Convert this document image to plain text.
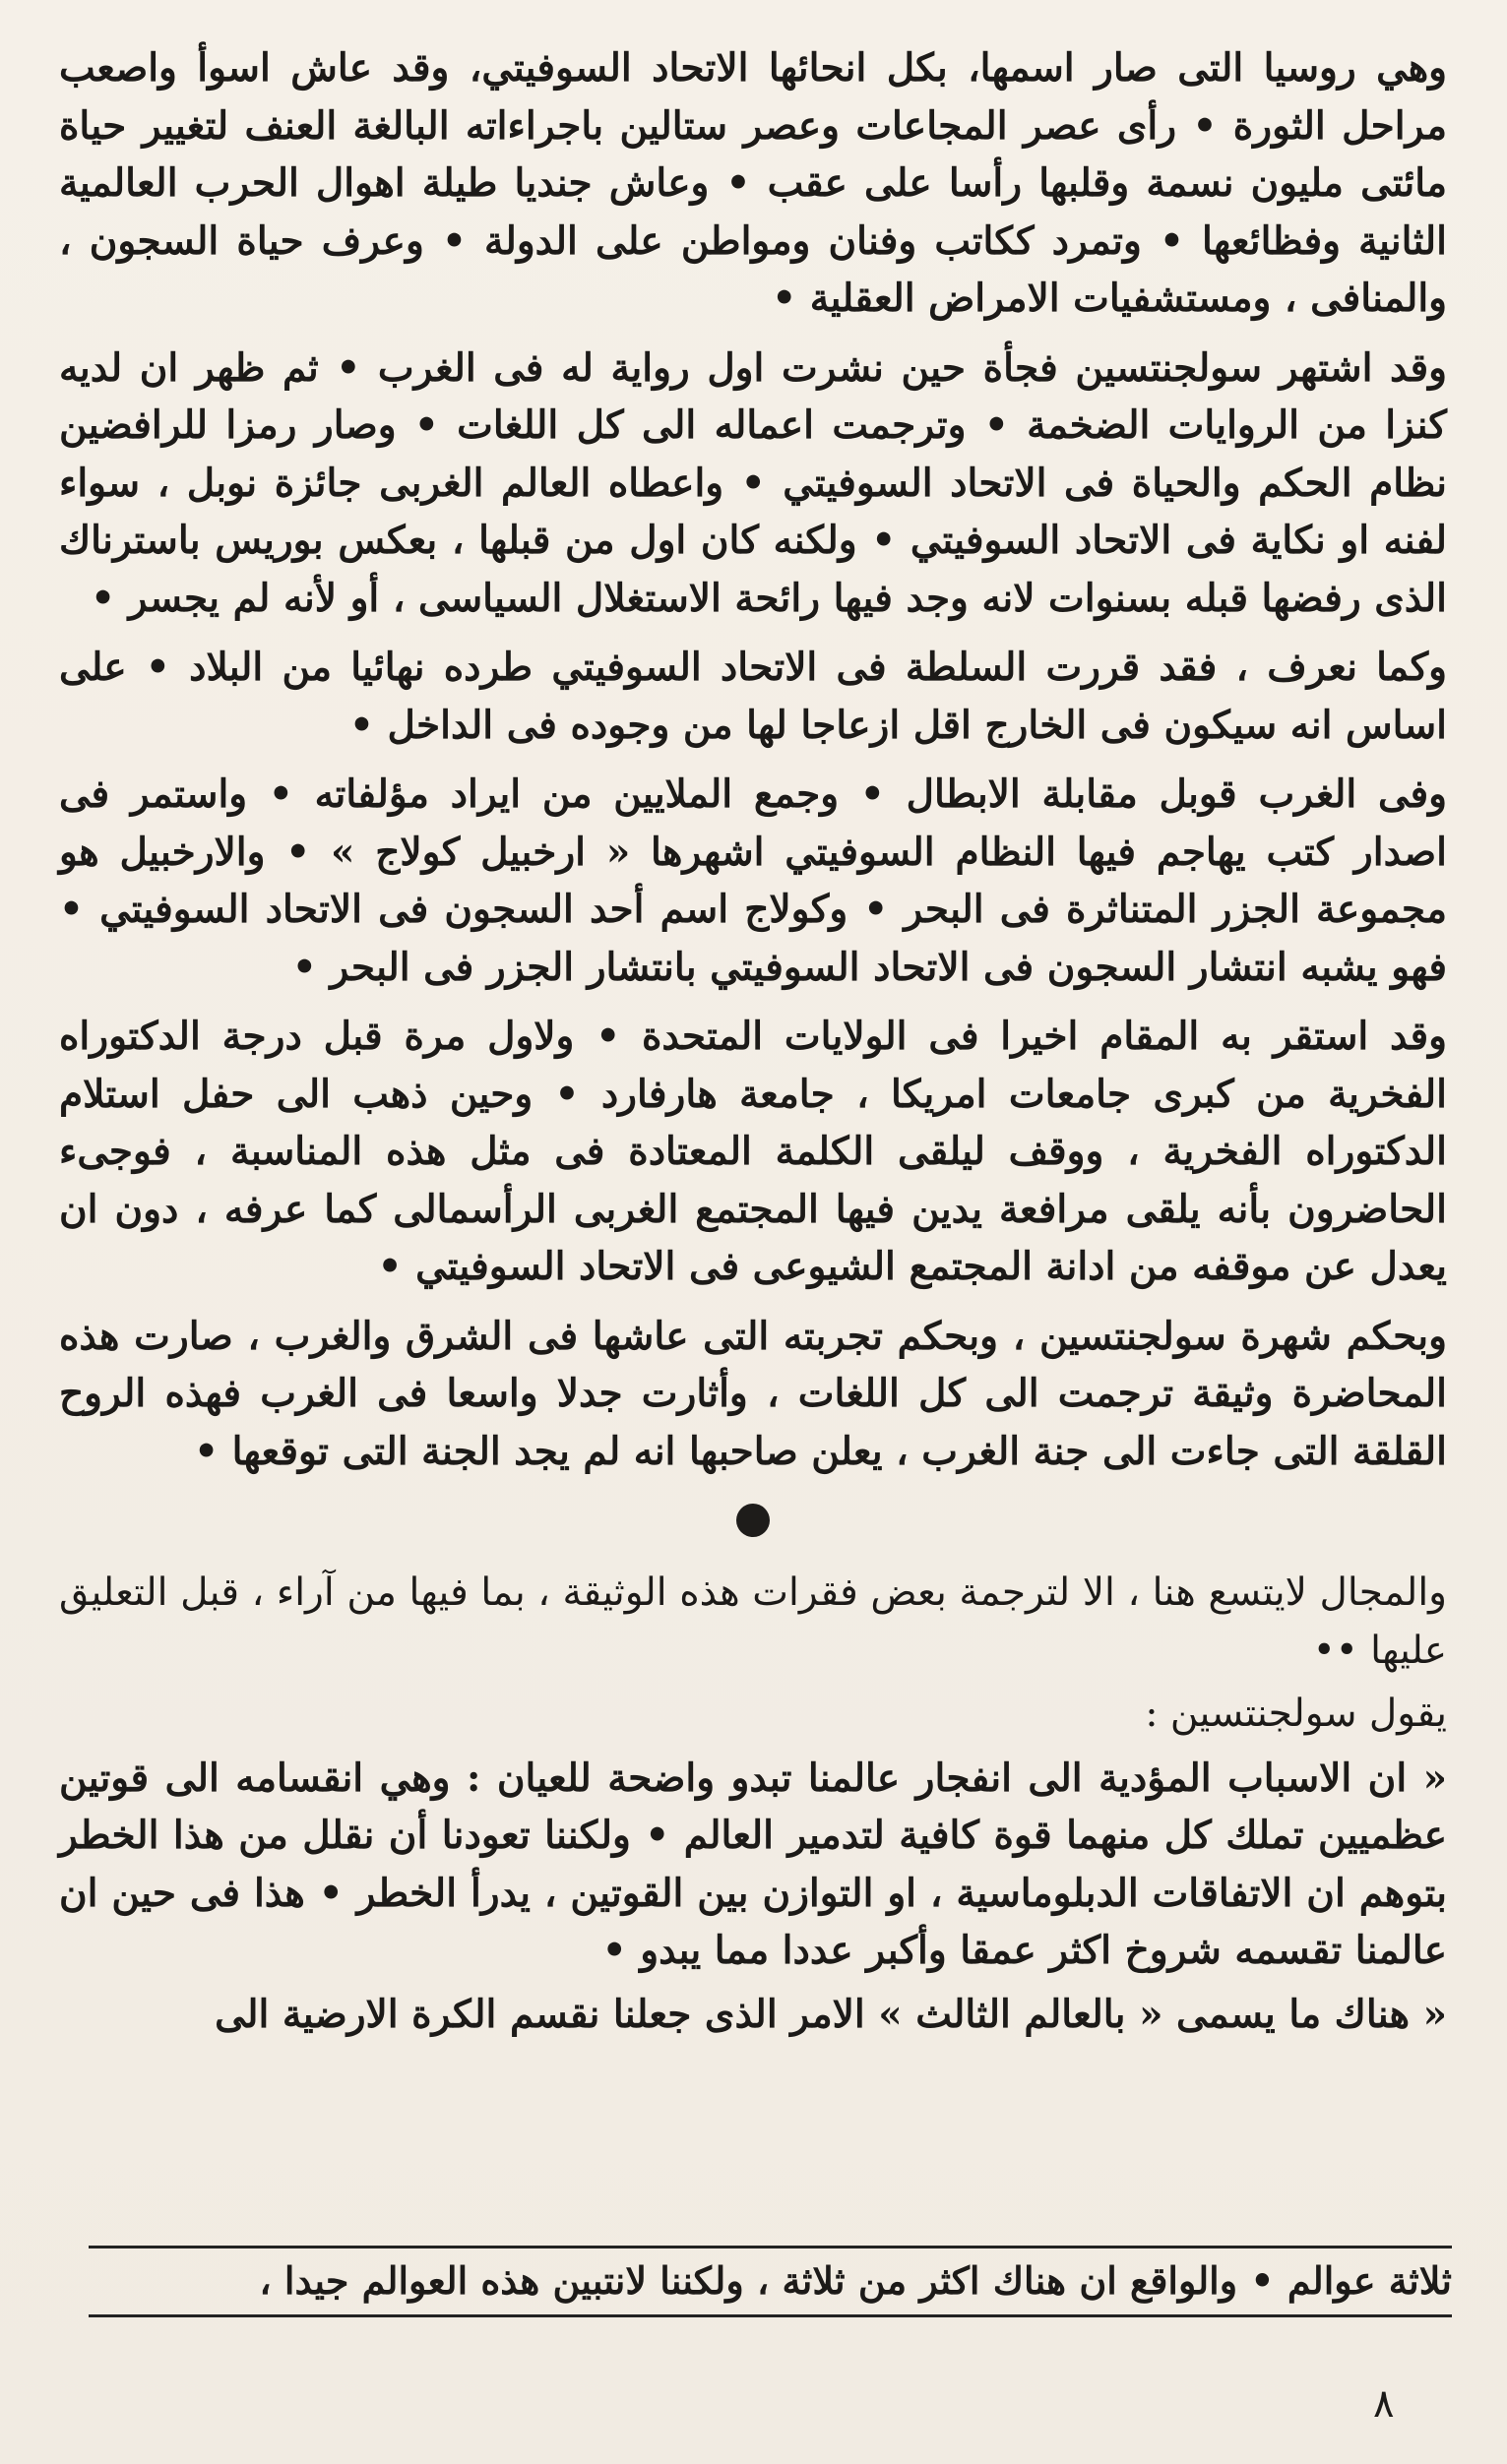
وهي روسيا التى صار اسمها، بكل انحائها الاتحاد السوفيتي، وقد عاش اسوأ واصعب مراحل الثورة • رأى عصر المجاعات وعصر ستالين باجراءاته البالغة العنف لتغيير حياة مائتى مليون نسمة وقلبها رأسا على عقب • وعاش جنديا طيلة اهوال الحرب العالمية الثانية وفظائعها • وتمرد ككاتب وفنان ومواطن على الدولة • وعرف حياة السجون ، والمنافى ، ومستشفيات الامراض العقلية •

وقد اشتهر سولجنتسين فجأة حين نشرت اول رواية له فى الغرب • ثم ظهر ان لديه كنزا من الروايات الضخمة • وترجمت اعماله الى كل اللغات • وصار رمزا للرافضين نظام الحكم والحياة فى الاتحاد السوفيتي • واعطاه العالم الغربى جائزة نوبل ، سواء لفنه او نكاية فى الاتحاد السوفيتي • ولكنه كان اول من قبلها ، بعكس بوريس باسترناك الذى رفضها قبله بسنوات لانه وجد فيها رائحة الاستغلال السياسى ، أو لأنه لم يجسر •

وكما نعرف ، فقد قررت السلطة فى الاتحاد السوفيتي طرده نهائيا من البلاد • على اساس انه سيكون فى الخارج اقل ازعاجا لها من وجوده فى الداخل •

وفى الغرب قوبل مقابلة الابطال • وجمع الملايين من ايراد مؤلفاته • واستمر فى اصدار كتب يهاجم فيها النظام السوفيتي اشهرها « ارخبيل كولاج » • والارخبيل هو مجموعة الجزر المتناثرة فى البحر • وكولاج اسم أحد السجون فى الاتحاد السوفيتي • فهو يشبه انتشار السجون فى الاتحاد السوفيتي بانتشار الجزر فى البحر •

وقد استقر به المقام اخيرا فى الولايات المتحدة • ولاول مرة قبل درجة الدكتوراه الفخرية من كبرى جامعات امريكا ، جامعة هارفارد • وحين ذهب الى حفل استلام الدكتوراه الفخرية ، ووقف ليلقى الكلمة المعتادة فى مثل هذه المناسبة ، فوجىء الحاضرون بأنه يلقى مرافعة يدين فيها المجتمع الغربى الرأسمالى كما عرفه ، دون ان يعدل عن موقفه من ادانة المجتمع الشيوعى فى الاتحاد السوفيتي •

وبحكم شهرة سولجنتسين ، وبحكم تجربته التى عاشها فى الشرق والغرب ، صارت هذه المحاضرة وثيقة ترجمت الى كل اللغات ، وأثارت جدلا واسعا فى الغرب فهذه الروح القلقة التى جاءت الى جنة الغرب ، يعلن صاحبها انه لم يجد الجنة التى توقعها •

والمجال لايتسع هنا ، الا لترجمة بعض فقرات هذه الوثيقة ، بما فيها من آراء ، قبل التعليق عليها ••

يقول سولجنتسين :

« ان الاسباب المؤدية الى انفجار عالمنا تبدو واضحة للعيان : وهي انقسامه الى قوتين عظميين تملك كل منهما قوة كافية لتدمير العالم • ولكننا تعودنا أن نقلل من هذا الخطر بتوهم ان الاتفاقات الدبلوماسية ، او التوازن بين القوتين ، يدرأ الخطر • هذا فى حين ان عالمنا تقسمه شروخ اكثر عمقا وأكبر عددا مما يبدو •

« هناك ما يسمى « بالعالم الثالث » الامر الذى جعلنا نقسم الكرة الارضية الى

ثلاثة عوالم • والواقع ان هناك اكثر من ثلاثة ، ولكننا لانتبين هذه العوالم جيدا ،
٨
